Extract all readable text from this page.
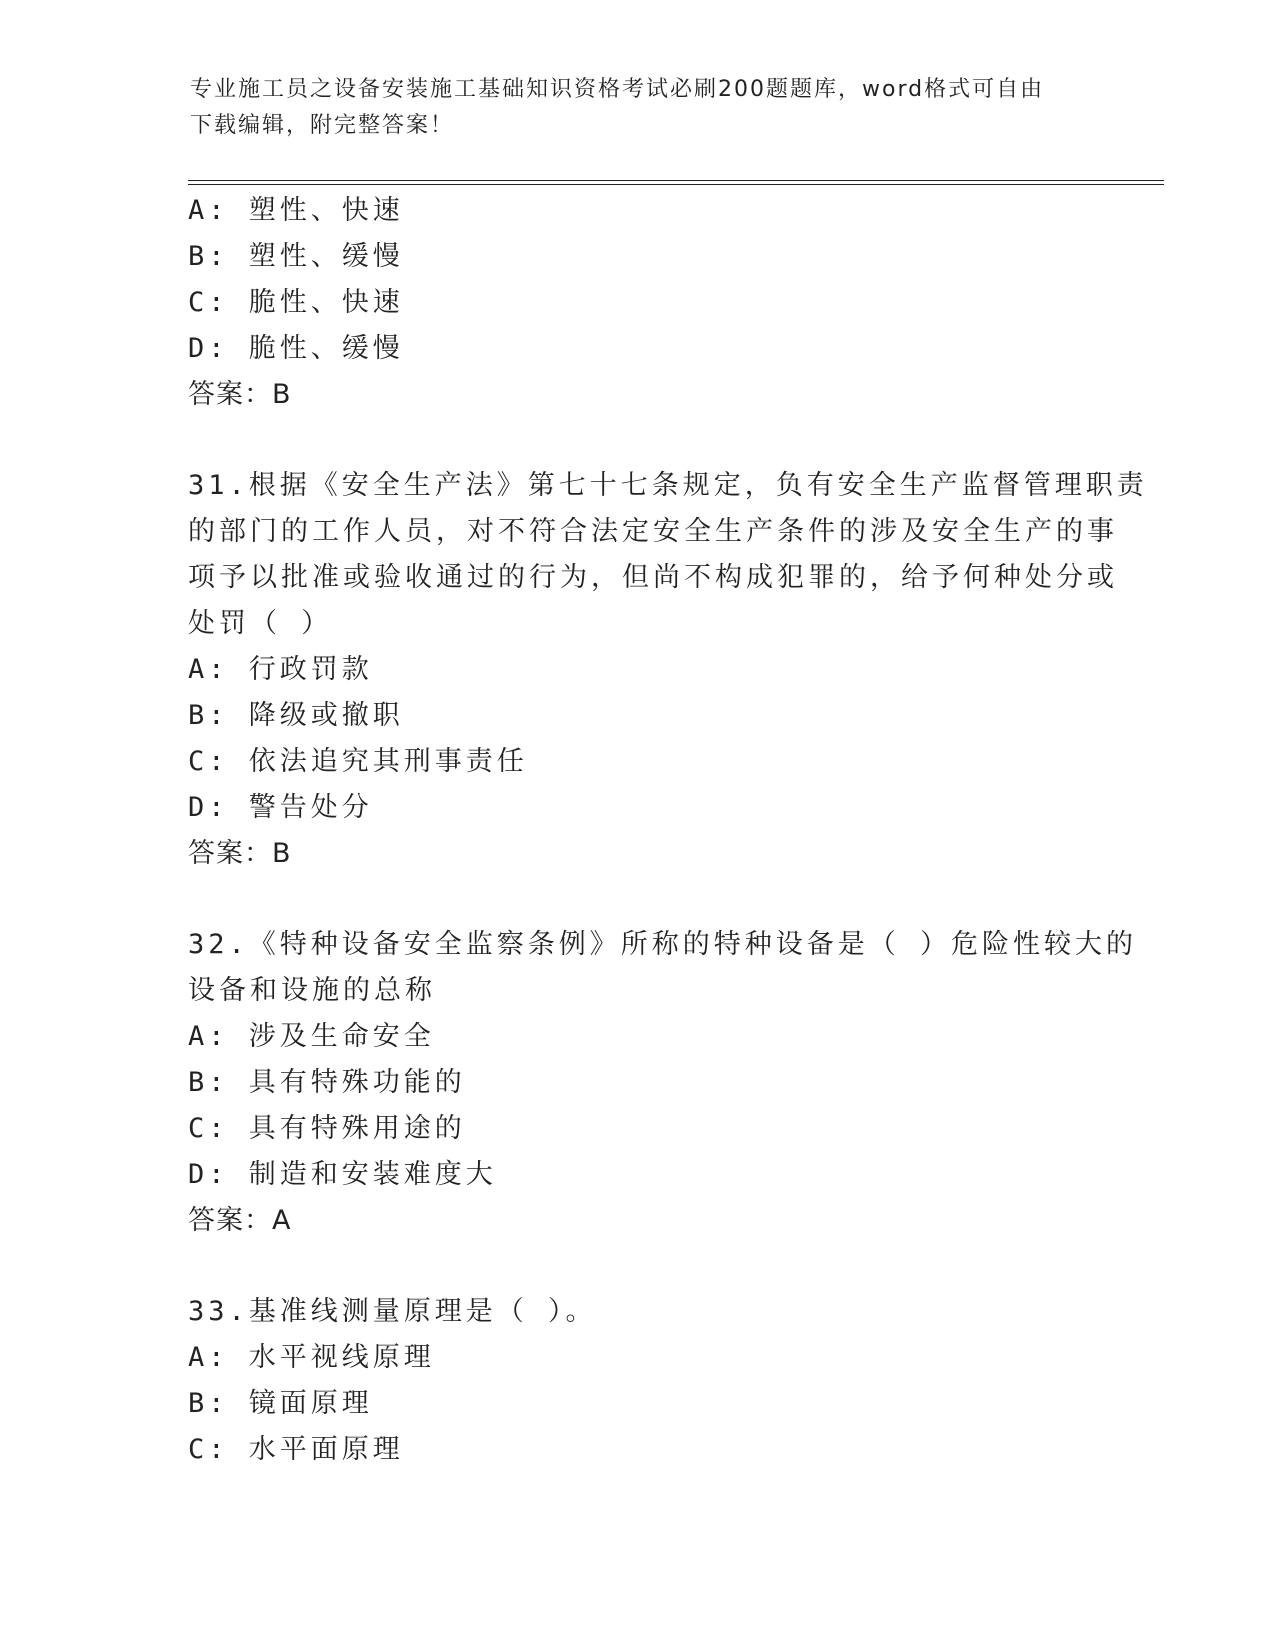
专业施工员之设备安装施工基础知识资格考试必刷200题题库，word格式可自由
下载编辑，附完整答案！
A: 塑性、快速
B: 塑性、缓慢
C: 脆性、快速
D: 脆性、缓慢
答案：B
31.根据《安全生产法》第七十七条规定，负有安全生产监督管理职责
的部门的工作人员，对不符合法定安全生产条件的涉及安全生产的事
项予以批准或验收通过的行为，但尚不构成犯罪的，给予何种处分或
处罚（ ）
A: 行政罚款
B: 降级或撤职
C: 依法追究其刑事责任
D: 警告处分
答案：B
32.《特种设备安全监察条例》所称的特种设备是（ ）危险性较大的
设备和设施的总称
A: 涉及生命安全
B: 具有特殊功能的
C: 具有特殊用途的
D: 制造和安装难度大
答案：A
33.基准线测量原理是（ ）。
A: 水平视线原理
B: 镜面原理
C: 水平面原理
